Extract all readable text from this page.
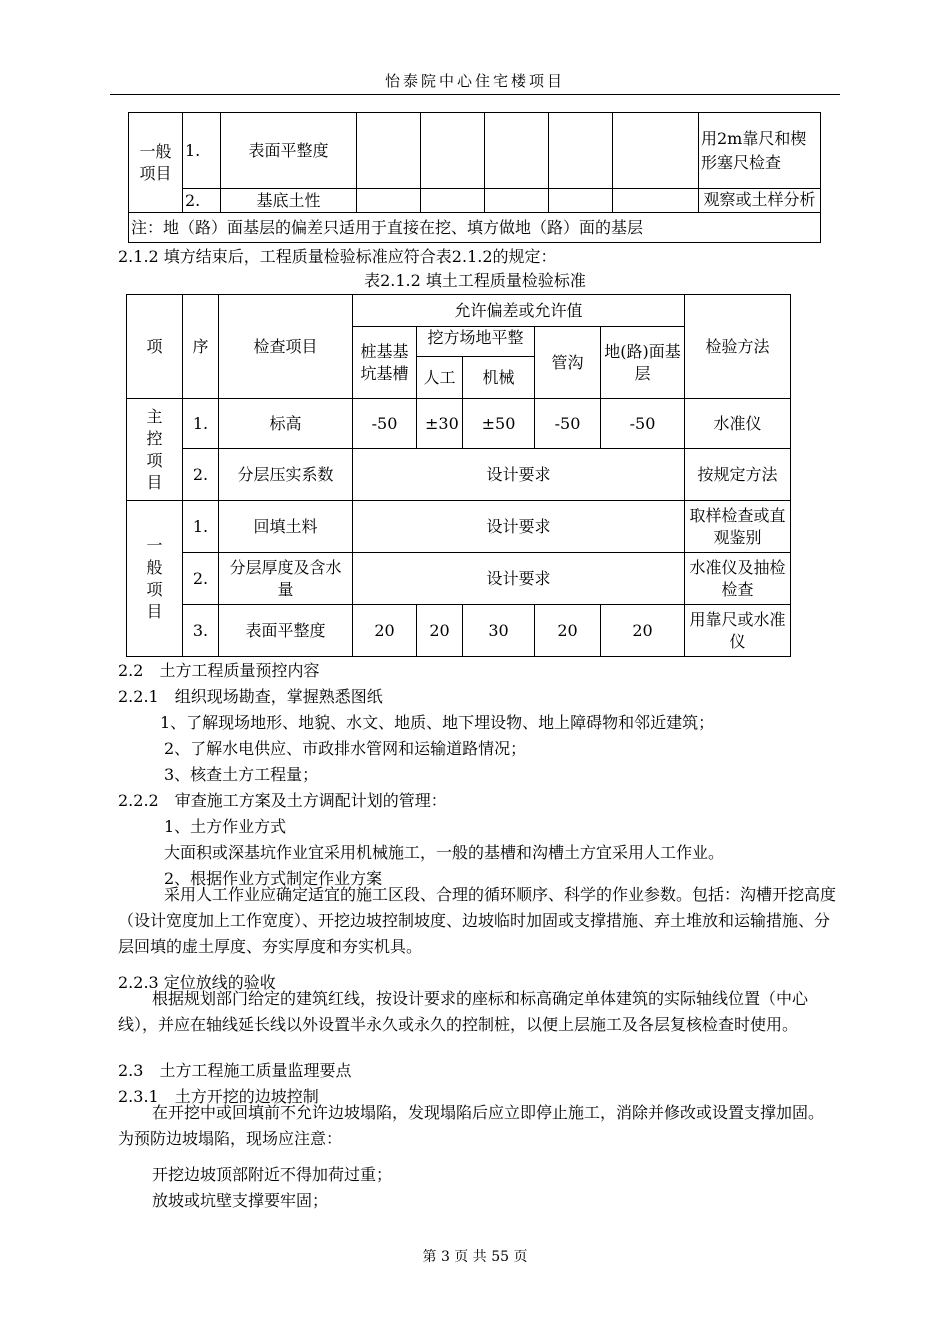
怡泰院中心住宅楼项目
一般项目	1.	表面平整度						用2m靠尺和楔形塞尺检查
	2.	基底土性						观察或土样分析
注：地（路）面基层的偏差只适用于直接在挖、填方做地（路）面的基层								
2.1.2 填方结束后，工程质量检验标准应符合表2.1.2的规定：
表2.1.2 填土工程质量检验标准
项	序	检查项目	允许偏差或允许值					检验方法
			桩基基坑基槽	挖方场地平整		管沟	地(路)面基层	
				人工	机械			
主控项目	1.	标高	-50	±30	±50	-50	-50	水准仪
	2.	分层压实系数	设计要求					按规定方法
一般项目	1.	回填土料	设计要求					取样检查或直观鉴别
	2.	分层厚度及含水量	设计要求					水准仪及抽检检查
	3.	表面平整度	20	20	30	20	20	用靠尺或水准仪
2.2　土方工程质量预控内容
2.2.1　组织现场勘查，掌握熟悉图纸
1、了解现场地形、地貌、水文、地质、地下埋设物、地上障碍物和邻近建筑；
2、了解水电供应、市政排水管网和运输道路情况；
3、核查土方工程量；
2.2.2　审查施工方案及土方调配计划的管理：
1、土方作业方式
大面积或深基坑作业宜采用机械施工，一般的基槽和沟槽土方宜采用人工作业。
2、根据作业方式制定作业方案
采用人工作业应确定适宜的施工区段、合理的循环顺序、科学的作业参数。包括：沟槽开挖高度（设计宽度加上工作宽度）、开挖边坡控制坡度、边坡临时加固或支撑措施、弃土堆放和运输措施、分层回填的虚土厚度、夯实厚度和夯实机具。
2.2.3 定位放线的验收
根据规划部门给定的建筑红线，按设计要求的座标和标高确定单体建筑的实际轴线位置（中心线），并应在轴线延长线以外设置半永久或永久的控制桩，以便上层施工及各层复核检查时使用。
2.3　土方工程施工质量监理要点
2.3.1　土方开挖的边坡控制
在开挖中或回填前不允许边坡塌陷，发现塌陷后应立即停止施工，消除并修改或设置支撑加固。为预防边坡塌陷，现场应注意：
开挖边坡顶部附近不得加荷过重；
放坡或坑壁支撑要牢固；
第 3 页 共 55 页
